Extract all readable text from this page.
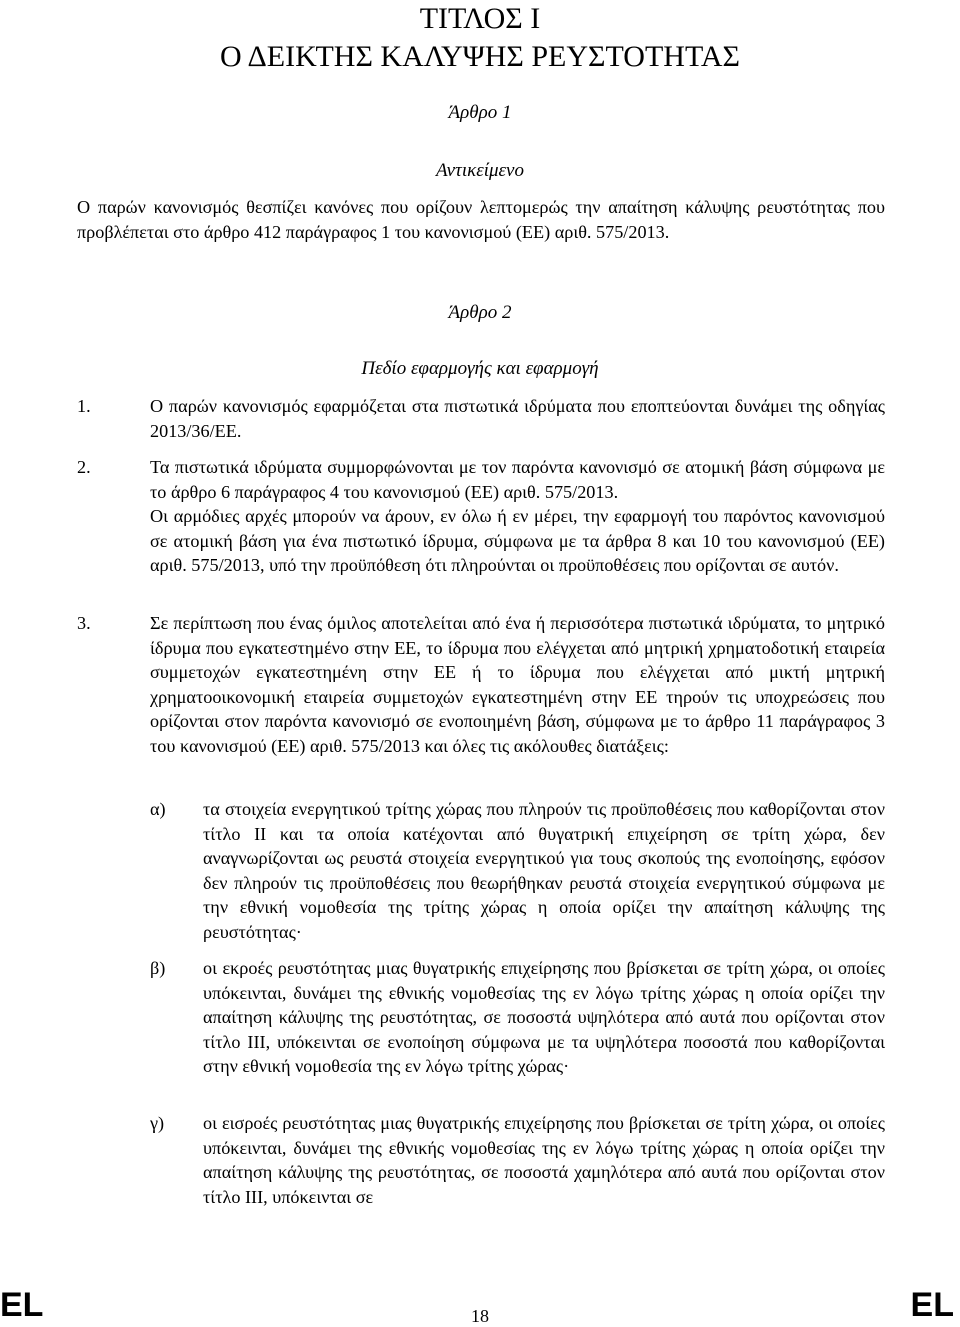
ΤΙΤΛΟΣ Ι
Ο ΔΕΙΚΤΗΣ ΚΑΛΥΨΗΣ ΡΕΥΣΤΟΤΗΤΑΣ
Άρθρο 1
Αντικείμενο
Ο παρών κανονισμός θεσπίζει κανόνες που ορίζουν λεπτομερώς την απαίτηση κάλυψης ρευστότητας που προβλέπεται στο άρθρο 412 παράγραφος 1 του κανονισμού (ΕΕ) αριθ. 575/2013.
Άρθρο 2
Πεδίο εφαρμογής και εφαρμογή
1.	Ο παρών κανονισμός εφαρμόζεται στα πιστωτικά ιδρύματα που εποπτεύονται δυνάμει της οδηγίας 2013/36/ΕΕ.

2.	Τα πιστωτικά ιδρύματα συμμορφώνονται με τον παρόντα κανονισμό σε ατομική βάση σύμφωνα με το άρθρο 6 παράγραφος 4 του κανονισμού (ΕΕ) αριθ. 575/2013.

Οι αρμόδιες αρχές μπορούν να άρουν, εν όλω ή εν μέρει, την εφαρμογή του παρόντος κανονισμού σε ατομική βάση για ένα πιστωτικό ίδρυμα, σύμφωνα με τα άρθρα 8 και 10 του κανονισμού (ΕΕ) αριθ. 575/2013, υπό την προϋπόθεση ότι πληρούνται οι προϋποθέσεις που ορίζονται σε αυτόν.

3.	Σε περίπτωση που ένας όμιλος αποτελείται από ένα ή περισσότερα πιστωτικά ιδρύματα, το μητρικό ίδρυμα που εγκατεστημένο στην ΕΕ, το ίδρυμα που ελέγχεται από μητρική χρηματοδοτική εταιρεία συμμετοχών εγκατεστημένη στην ΕΕ ή το ίδρυμα που ελέγχεται από μικτή μητρική χρηματοοικονομική εταιρεία συμμετοχών εγκατεστημένη στην ΕΕ τηρούν τις υποχρεώσεις που ορίζονται στον παρόντα κανονισμό σε ενοποιημένη βάση, σύμφωνα με το άρθρο 11 παράγραφος 3 του κανονισμού (ΕΕ) αριθ. 575/2013 και όλες τις ακόλουθες διατάξεις:

α)	τα στοιχεία ενεργητικού τρίτης χώρας που πληρούν τις προϋποθέσεις που καθορίζονται στον τίτλο II και τα οποία κατέχονται από θυγατρική επιχείρηση σε τρίτη χώρα, δεν αναγνωρίζονται ως ρευστά στοιχεία ενεργητικού για τους σκοπούς της ενοποίησης, εφόσον δεν πληρούν τις προϋποθέσεις που θεωρήθηκαν ρευστά στοιχεία ενεργητικού σύμφωνα με την εθνική νομοθεσία της τρίτης χώρας η οποία ορίζει την απαίτηση κάλυψης της ρευστότητας·
β)	οι εκροές ρευστότητας μιας θυγατρικής επιχείρησης που βρίσκεται σε τρίτη χώρα, οι οποίες υπόκεινται, δυνάμει της εθνικής νομοθεσίας της εν λόγω τρίτης χώρας η οποία ορίζει την απαίτηση κάλυψης της ρευστότητας, σε ποσοστά υψηλότερα από αυτά που ορίζονται στον τίτλο III, υπόκεινται σε ενοποίηση σύμφωνα με τα υψηλότερα ποσοστά που καθορίζονται στην εθνική νομοθεσία της εν λόγω τρίτης χώρας·
γ)	οι εισροές ρευστότητας μιας θυγατρικής επιχείρησης που βρίσκεται σε τρίτη χώρα, οι οποίες υπόκεινται, δυνάμει της εθνικής νομοθεσίας της εν λόγω τρίτης χώρας η οποία ορίζει την απαίτηση κάλυψης της ρευστότητας, σε ποσοστά χαμηλότερα από αυτά που ορίζονται στον τίτλο III, υπόκεινται σε
EL	18	EL
